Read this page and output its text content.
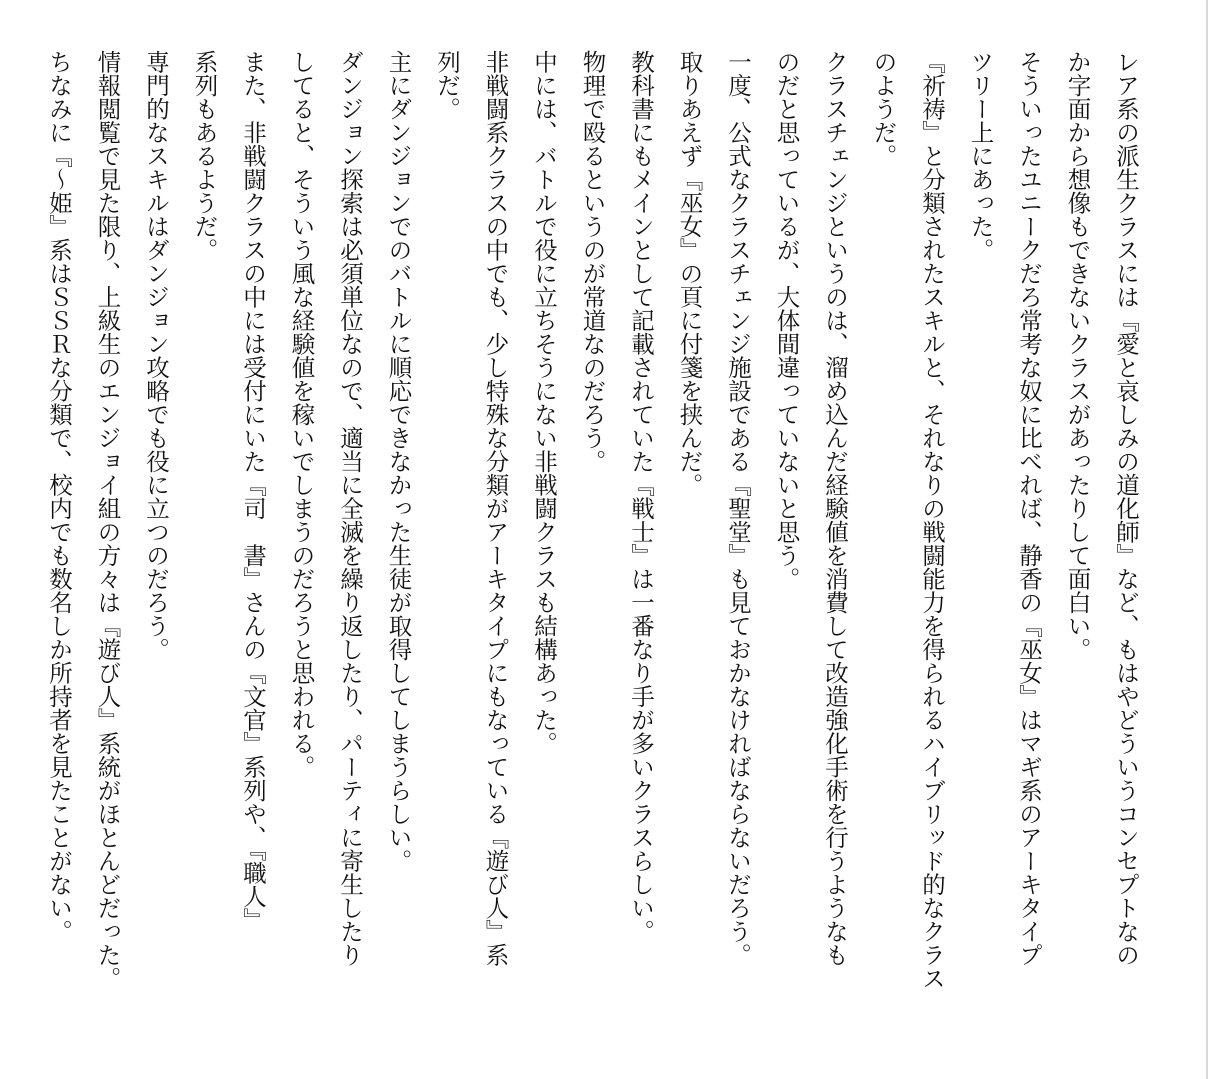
レア系の派生クラスには『愛と哀しみの道化師』など、もはやどういうコンセプトなの

か字面から想像もできないクラスがあったりして面白い。

そういったユニークだろ常考な奴に比べれば、静香の『巫女』はマギ系のアーキタイプ

ツリー上にあった。

『祈祷』と分類されたスキルと、それなりの戦闘能力を得られるハイブリッド的なクラス

のようだ。

クラスチェンジというのは、溜め込んだ経験値を消費して改造強化手術を行うようなも

のだと思っているが、大体間違っていないと思う。

一度、公式なクラスチェンジ施設である『聖堂』も見ておかなければならないだろう。

取りあえず『巫女』の頁に付箋を挟んだ。

教科書にもメインとして記載されていた『戦士』は一番なり手が多いクラスらしい。

物理で殴るというのが常道なのだろう。

中には、バトルで役に立ちそうにない非戦闘クラスも結構あった。

非戦闘系クラスの中でも、少し特殊な分類がアーキタイプにもなっている『遊び人』系

列だ。

主にダンジョンでのバトルに順応できなかった生徒が取得してしまうらしい。

ダンジョン探索は必須単位なので、適当に全滅を繰り返したり、パーティに寄生したり

してると、そういう風な経験値を稼いでしまうのだろうと思われる。

また、非戦闘クラスの中には受付にいた『司　書』さんの『文官』系列や、『職人』

系列もあるようだ。

専門的なスキルはダンジョン攻略でも役に立つのだろう。

情報閲覧で見た限り、上級生のエンジョイ組の方々は『遊び人』系統がほとんどだった。

ちなみに『〜姫』系はＳＳＲな分類で、校内でも数名しか所持者を見たことがない。
